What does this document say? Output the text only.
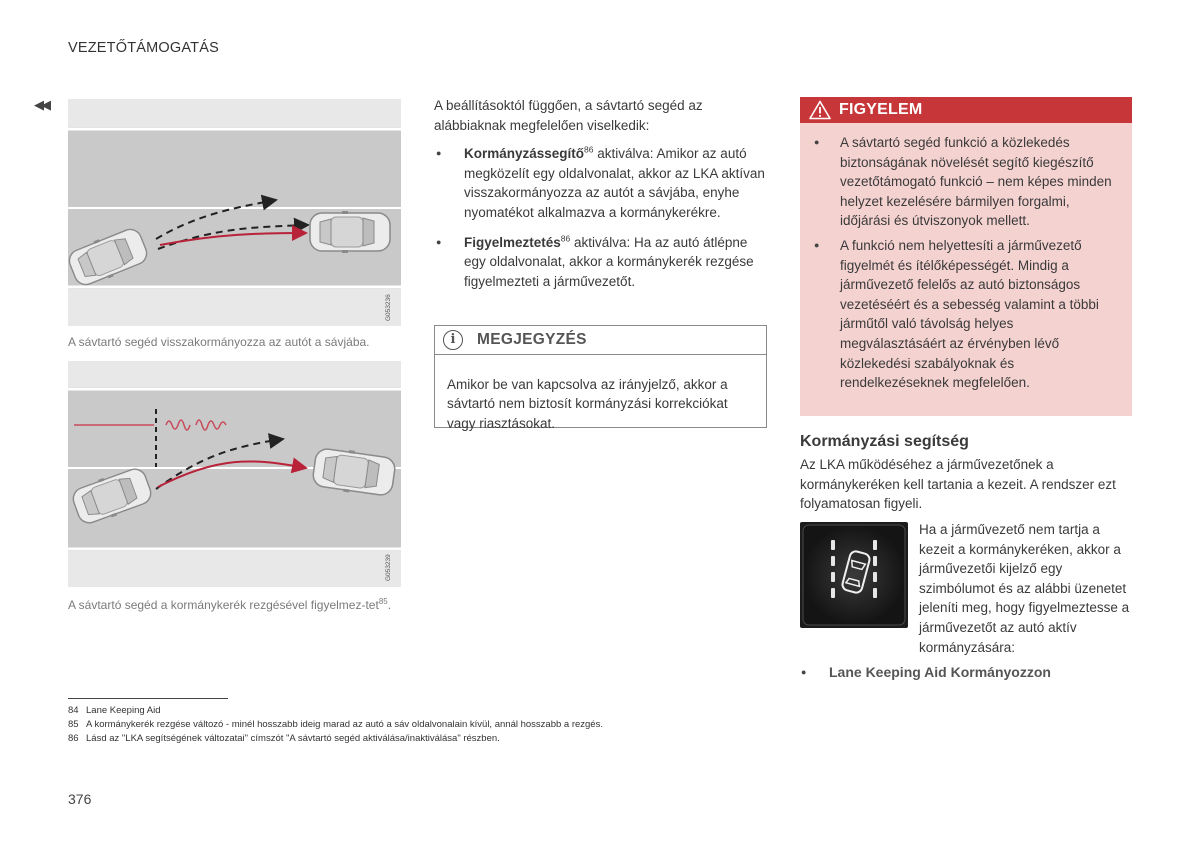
VEZETŐTÁMOGATÁS
◀◀
G053236
A sávtartó segéd visszakormányozza az autót a sávjába.
G053239
A sávtartó segéd a kormánykerék rezgésével figyelmez-tet$^{85}$.

A beállításoktól függően, a sávtartó segéd az alábbiaknak megfelelően viselkedik:

● Kormányzássegítő$^{86}$ aktiválva: Amikor az autó megközelít egy oldalvonalat, akkor az LKA aktívan visszakormányozza az autót a sávjába, enyhe nyomatékot alkalmazva a kormánykerékre.
● Figyelmeztetés$^{86}$ aktiválva: Ha az autó átlépne egy oldalvonalat, akkor a kormánykerék rezgése figyelmezteti a járművezetőt.
i	MEGJEGYZÉS

Amikor be van kapcsolva az irányjelző, akkor a sávtartó nem biztosít kormányzási korrekciókat vagy riasztásokat.

FIGYELEM
● A sávtartó segéd funkció a közlekedés biztonságának növelését segítő kiegészítő vezetőtámogató funkció – nem képes minden helyzet kezelésére bármilyen forgalmi, időjárási és útviszonyok mellett.
● A funkció nem helyettesíti a járművezető figyelmét és ítélőképességét. Mindig a járművezető felelős az autó biztonságos vezetéséért és a sebesség valamint a többi járműtől való távolság helyes megválasztásáért az érvényben lévő közlekedési szabályoknak és rendelkezéseknek megfelelően.
Kormányzási segítség
Az LKA működéséhez a járművezetőnek a kormánykeréken kell tartania a kezeit. A rendszer ezt folyamatosan figyeli.
Ha a járművezető nem tartja a kezeit a kormánykeréken, akkor a járművezetői kijelző egy szimbólumot és az alábbi üzenetet jeleníti meg, hogy figyelmeztesse a járművezetőt az autó aktív kormányzására:
● Lane Keeping Aid Kormányozzon
84 Lane Keeping Aid
85 A kormánykerék rezgése változó - minél hosszabb ideig marad az autó a sáv oldalvonalain kívül, annál hosszabb a rezgés.
86 Lásd az "LKA segítségének változatai" címszót "A sávtartó segéd aktiválása/inaktiválása" részben.
376
